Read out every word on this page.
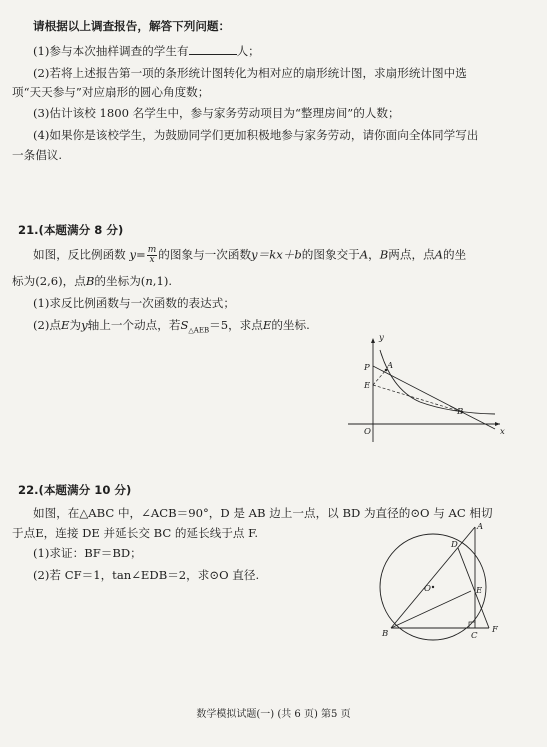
请根据以上调查报告，解答下列问题：
(1)参与本次抽样调查的学生有	人；
(2)若将上述报告第一项的条形统计图转化为相对应的扇形统计图，求扇形统计图中选
项“天天参与”对应扇形的圆心角度数；
(3)估计该校 1800 名学生中，参与家务劳动项目为“整理房间”的人数；
(4)如果你是该校学生，为鼓励同学们更加积极地参与家务劳动，请你面向全体同学写出
一条倡议.
21.(本题满分 8 分)
如图，反比例函数 $y= \frac{m}{x}$ 的图象与一次函数y＝kx＋b的图象交于A，B两点，点A的坐
标为(2,6)，点B的坐标为(n,1).
(1)求反比例函数与一次函数的表达式；
(2)点E为y轴上一个动点，若$S_{\triangle AEB}=5$，求点E的坐标.
y
x
O
P A
E
B
22.(本题满分 10 分)
如图，在△ABC 中，∠ACB＝90°，D 是 AB 边上一点，以 BD 为直径的⊙O 与 AC 相切
于点E，连接 DE 并延长交 BC 的延长线于点 F.
(1)求证：BF＝BD；
(2)若 CF＝1，tan∠EDB＝2，求⊙O 直径.
A
D
O	E
B	C
F
数学模拟试题(一) (共 6 页) 第5 页
